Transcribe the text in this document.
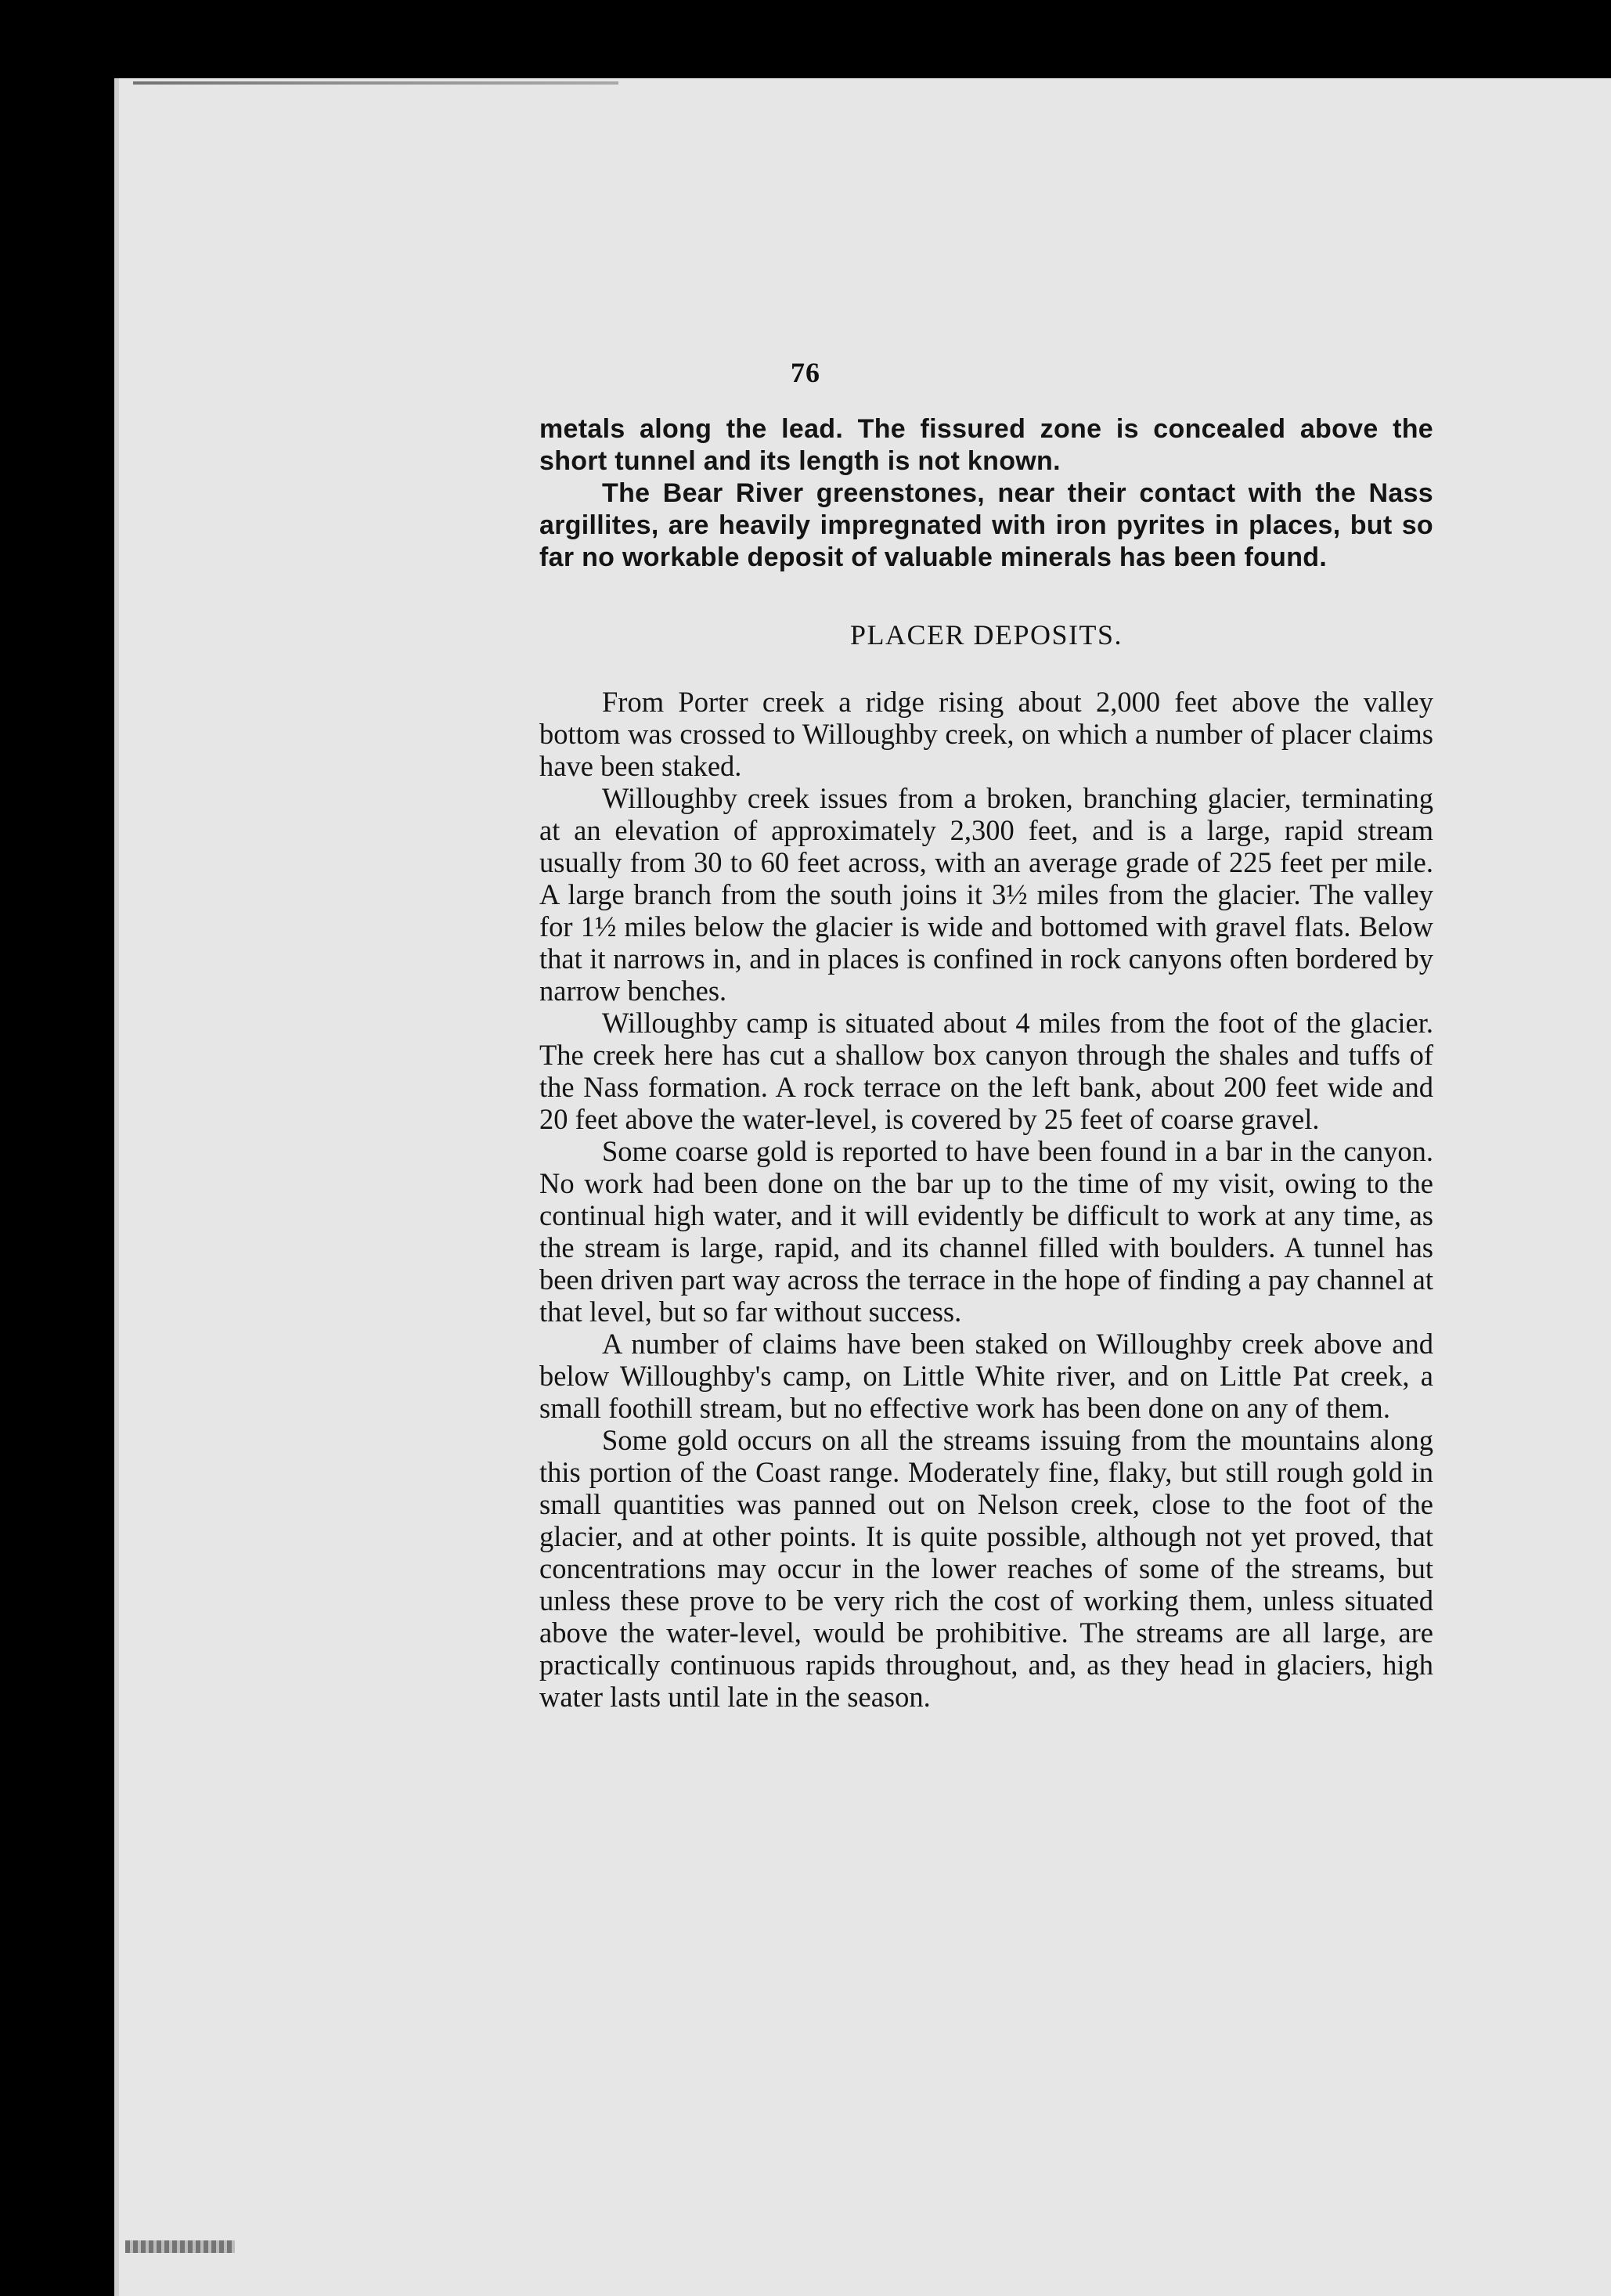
76

metals along the lead. The fissured zone is concealed above the short tunnel and its length is not known.

The Bear River greenstones, near their contact with the Nass argillites, are heavily impregnated with iron pyrites in places, but so far no workable deposit of valuable minerals has been found.

PLACER DEPOSITS.

From Porter creek a ridge rising about 2,000 feet above the valley bottom was crossed to Willoughby creek, on which a number of placer claims have been staked.

Willoughby creek issues from a broken, branching glacier, terminating at an elevation of approximately 2,300 feet, and is a large, rapid stream usually from 30 to 60 feet across, with an average grade of 225 feet per mile. A large branch from the south joins it 3½ miles from the glacier. The valley for 1½ miles below the glacier is wide and bottomed with gravel flats. Below that it narrows in, and in places is confined in rock canyons often bordered by narrow benches.

Willoughby camp is situated about 4 miles from the foot of the glacier. The creek here has cut a shallow box canyon through the shales and tuffs of the Nass formation. A rock terrace on the left bank, about 200 feet wide and 20 feet above the water-level, is covered by 25 feet of coarse gravel.

Some coarse gold is reported to have been found in a bar in the canyon. No work had been done on the bar up to the time of my visit, owing to the continual high water, and it will evidently be difficult to work at any time, as the stream is large, rapid, and its channel filled with boulders. A tunnel has been driven part way across the terrace in the hope of finding a pay channel at that level, but so far without success.

A number of claims have been staked on Willoughby creek above and below Willoughby's camp, on Little White river, and on Little Pat creek, a small foothill stream, but no effective work has been done on any of them.

Some gold occurs on all the streams issuing from the mountains along this portion of the Coast range. Moderately fine, flaky, but still rough gold in small quantities was panned out on Nelson creek, close to the foot of the glacier, and at other points. It is quite possible, although not yet proved, that concentrations may occur in the lower reaches of some of the streams, but unless these prove to be very rich the cost of working them, unless situated above the water-level, would be prohibitive. The streams are all large, are practically continuous rapids throughout, and, as they head in glaciers, high water lasts until late in the season.
